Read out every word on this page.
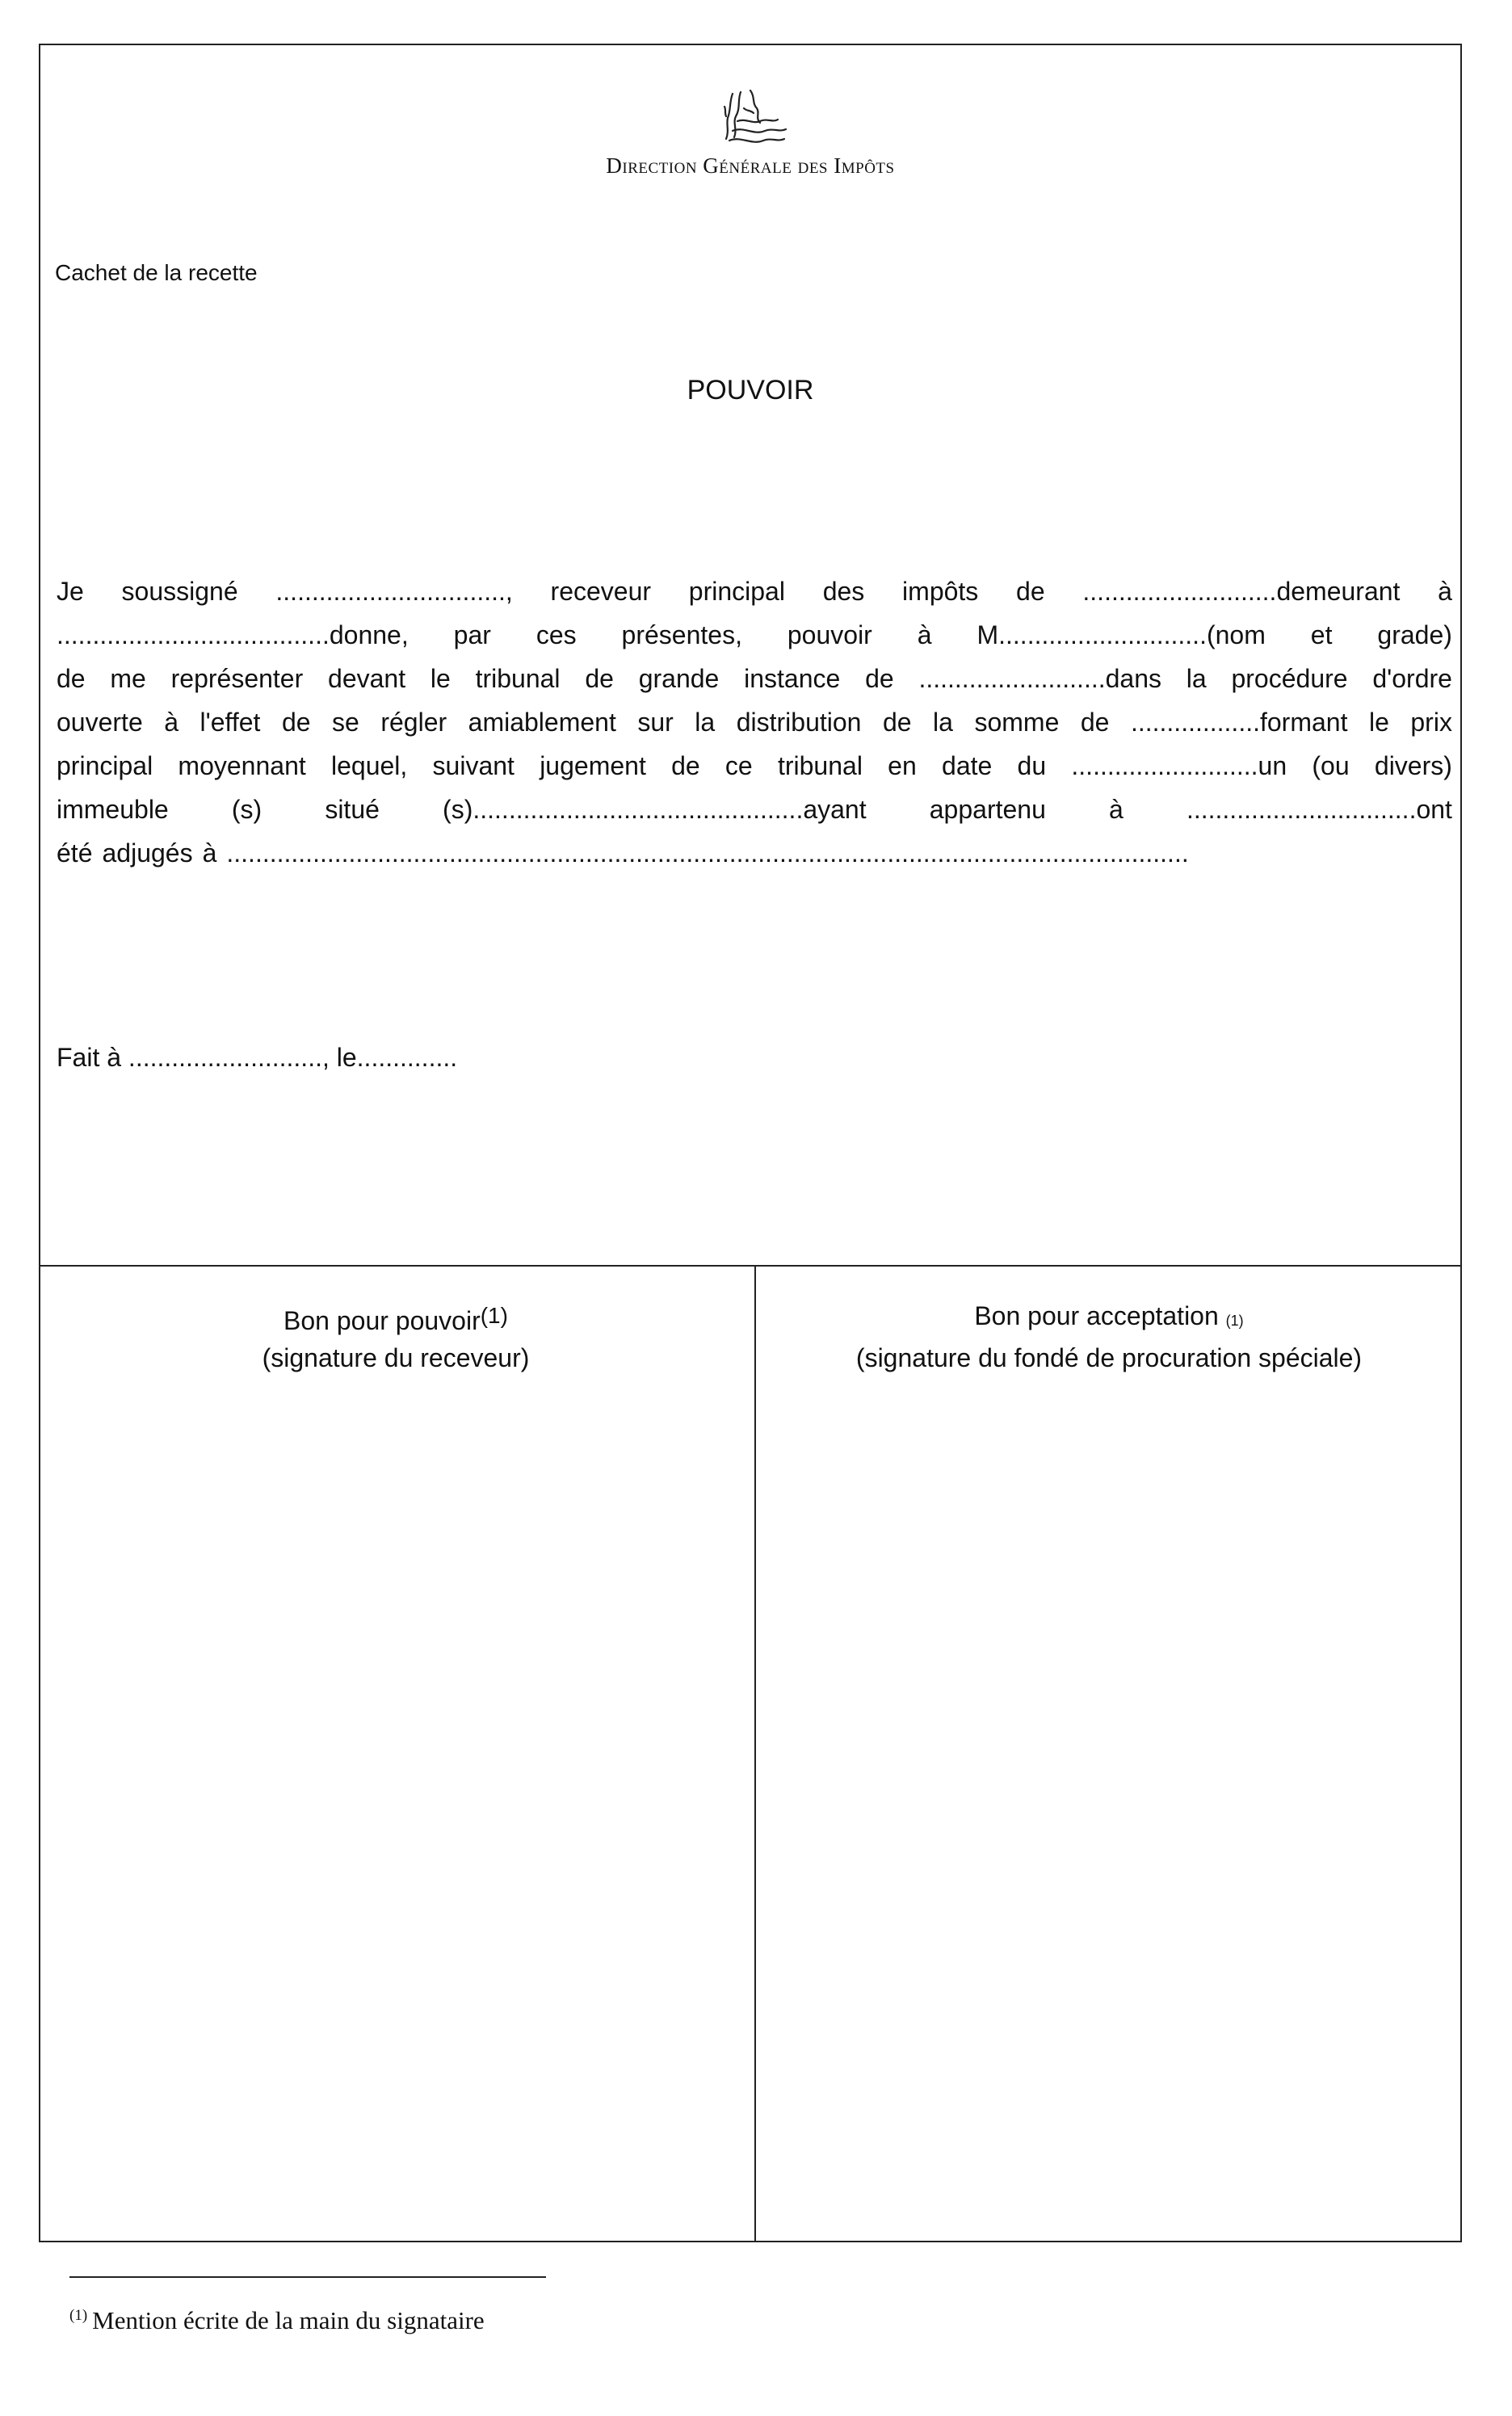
Direction Générale des Impôts
Cachet de la recette
POUVOIR
Je soussigné ................................, receveur principal des impôts de ...........................demeurant à
......................................donne, par ces présentes, pouvoir à M.............................(nom et grade)
de me représenter devant le tribunal de grande instance de ..........................dans la procédure d'ordre
ouverte à l'effet de se régler amiablement sur la distribution de la somme de ..................formant le prix
principal moyennant lequel, suivant jugement de ce tribunal en date du ..........................un (ou divers)
immeuble (s) situé (s)..............................................ayant appartenu à ................................ont
été adjugés à ......................................................................................................................................
Fait à ..........................., le..............
Bon pour pouvoir(1)
(signature du receveur)
Bon pour acceptation (1)
(signature du fondé de procuration spéciale)
$^{(1)}$ Mention écrite de la main du signataire
